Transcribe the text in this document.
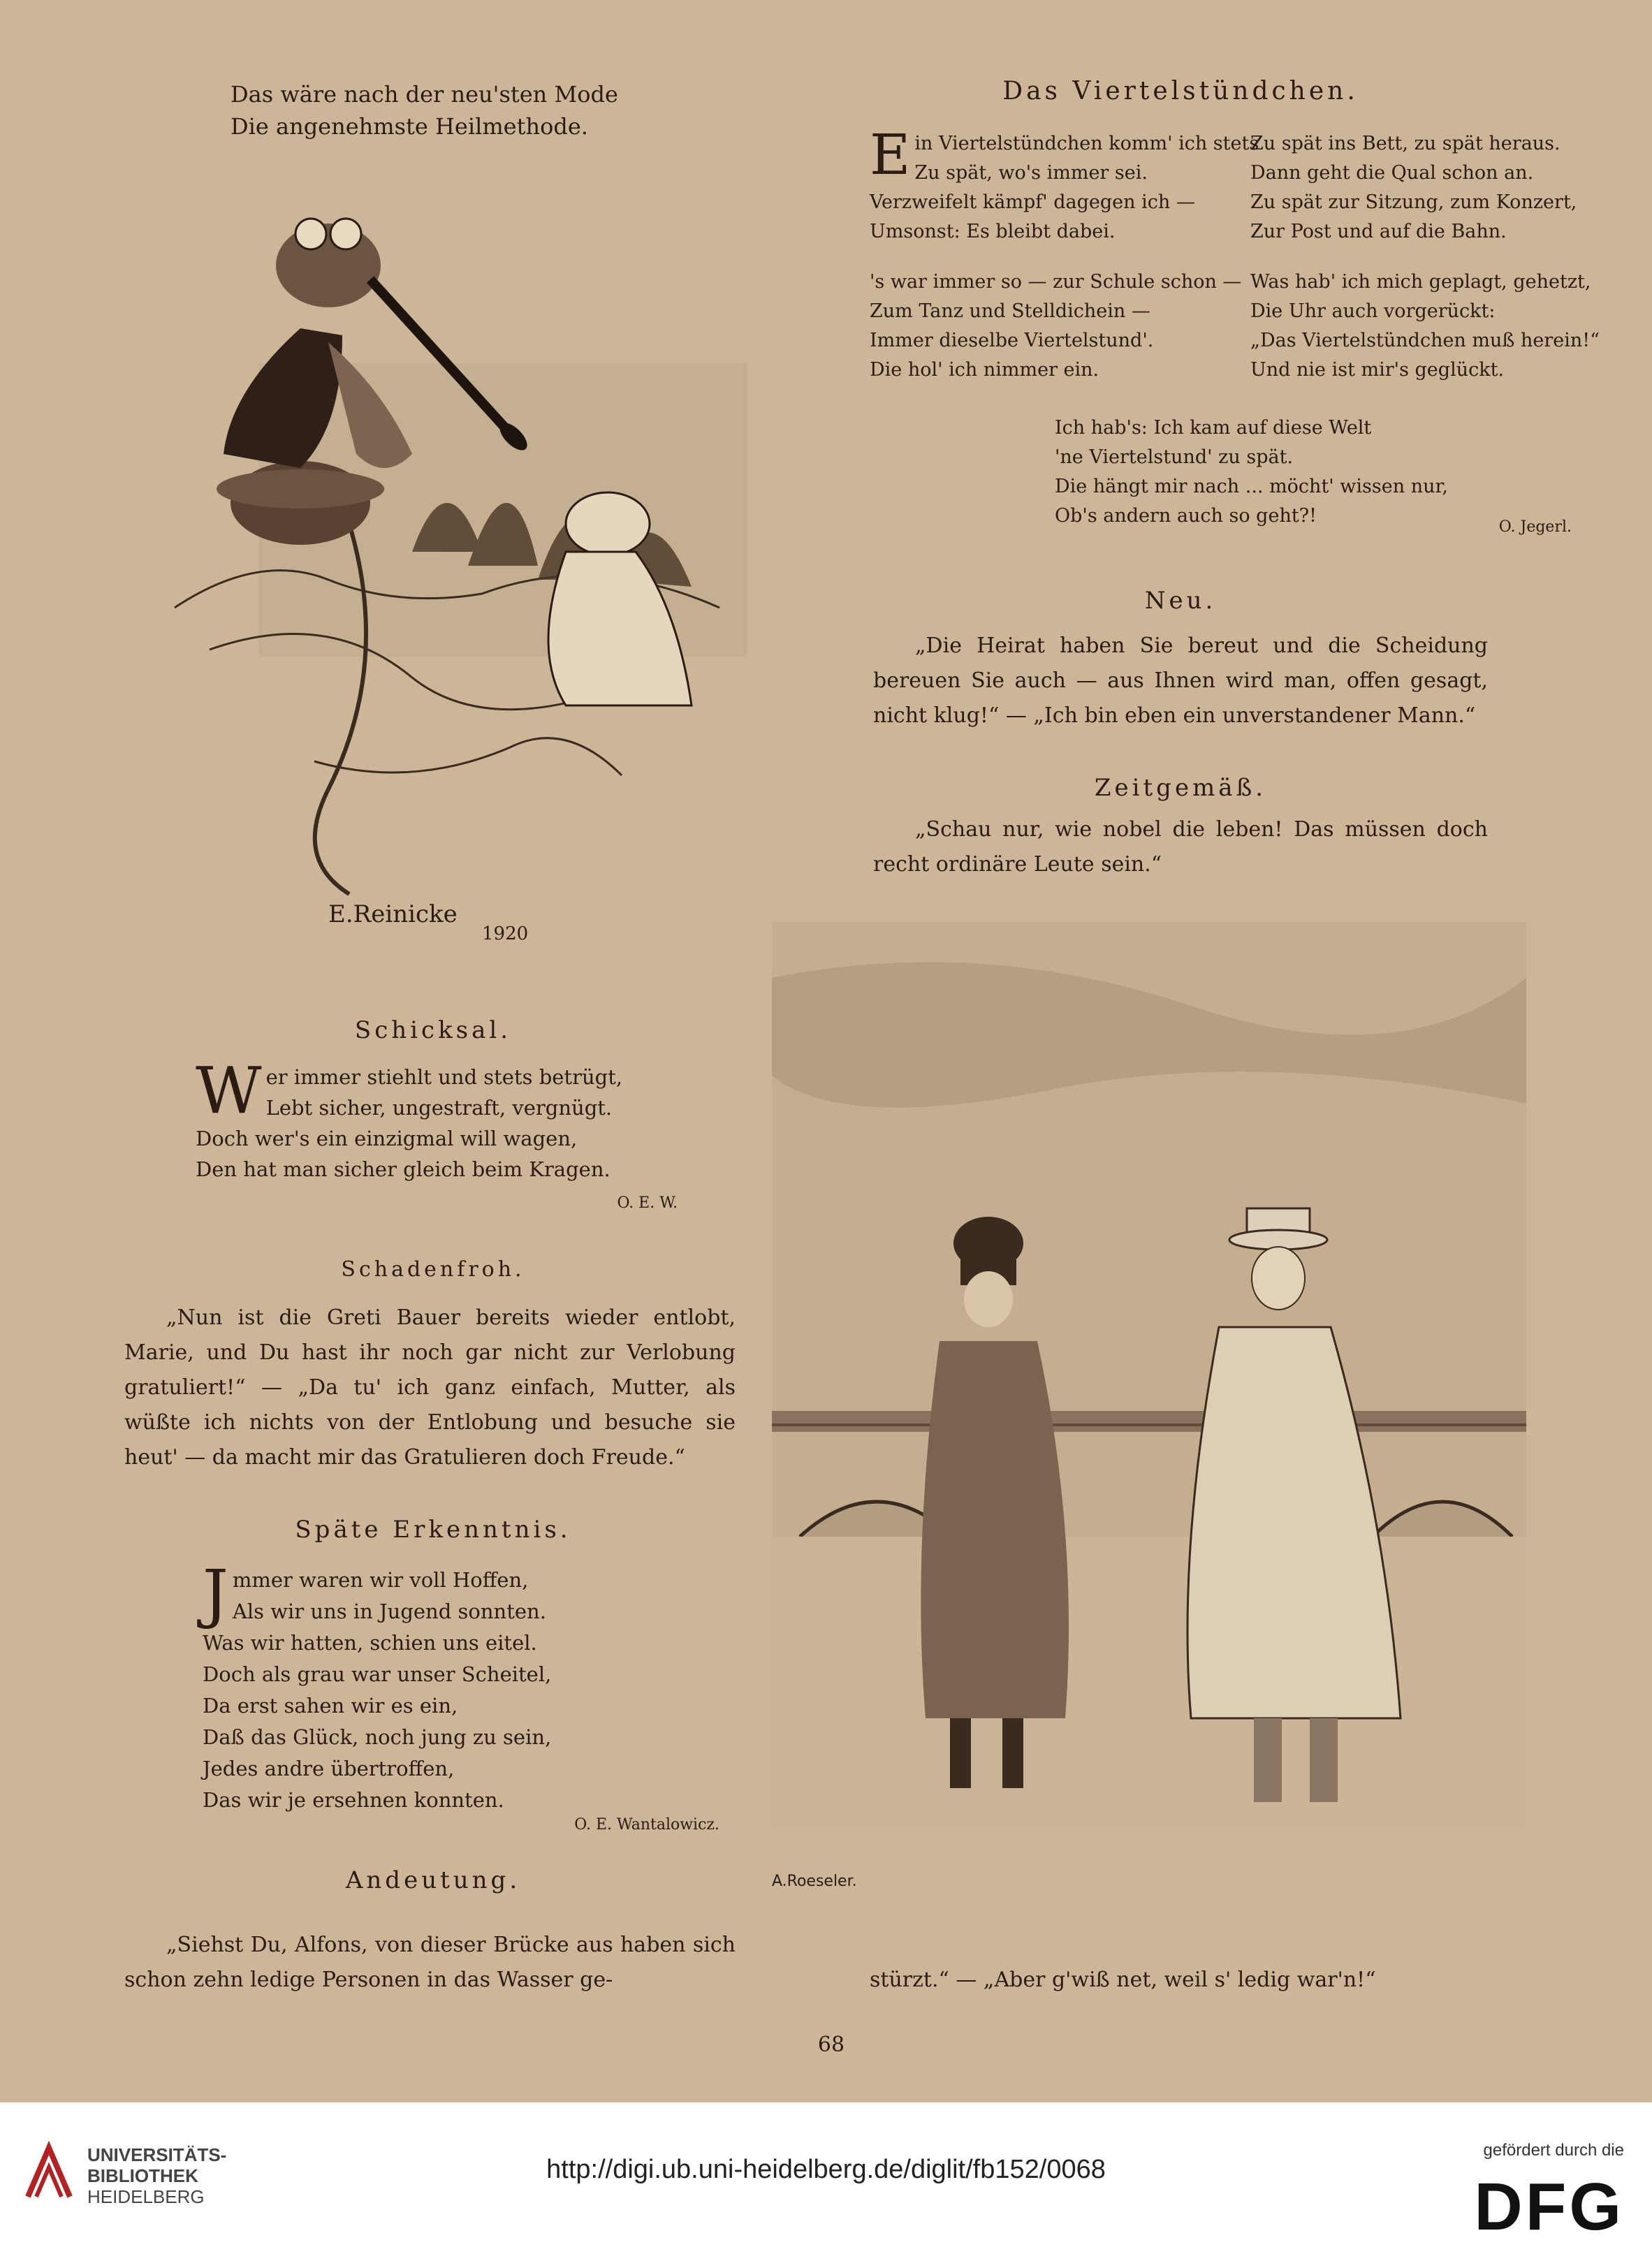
Das wäre nach der neu'sten Mode
Die angenehmste Heilmethode.
E.Reinicke
1920
Schicksal.
W er immer stiehlt und stets betrügt,
Lebt sicher, ungestraft, vergnügt.
Doch wer's ein einzigmal will wagen,
Den hat man sicher gleich beim Kragen.
O. E. W.
Schadenfroh.
„Nun ist die Greti Bauer bereits wieder entlobt, Marie, und Du hast ihr noch gar nicht zur Verlobung gratuliert!“ — „Da tu' ich ganz einfach, Mutter, als wüßte ich nichts von der Entlobung und besuche sie heut' — da macht mir das Gratulieren doch Freude.“
Späte Erkenntnis.
J mmer waren wir voll Hoffen,
Als wir uns in Jugend sonnten.
Was wir hatten, schien uns eitel.
Doch als grau war unser Scheitel,
Da erst sahen wir es ein,
Daß das Glück, noch jung zu sein,
Jedes andre übertroffen,
Das wir je ersehnen konnten.
O. E. Wantalowicz.
Andeutung.
„Siehst Du, Alfons, von dieser Brücke aus haben sich schon zehn ledige Personen in das Wasser ge-	stürzt.“ — „Aber g'wiß net, weil s' ledig war'n!“
Das Viertelstündchen.
E in Viertelstündchen komm' ich stets
Zu spät, wo's immer sei.
Verzweifelt kämpf' dagegen ich —
Umsonst: Es bleibt dabei.
's war immer so — zur Schule schon —
Zum Tanz und Stelldichein —
Immer dieselbe Viertelstund'.
Die hol' ich nimmer ein.
Zu spät ins Bett, zu spät heraus.
Dann geht die Qual schon an.
Zu spät zur Sitzung, zum Konzert,
Zur Post und auf die Bahn.
Was hab' ich mich geplagt, gehetzt,
Die Uhr auch vorgerückt:
„Das Viertelstündchen muß herein!“
Und nie ist mir's geglückt.
Ich hab's: Ich kam auf diese Welt
'ne Viertelstund' zu spät.
Die hängt mir nach ... möcht' wissen nur,
Ob's andern auch so geht?!
O. Jegerl.
Neu.
„Die Heirat haben Sie bereut und die Scheidung bereuen Sie auch — aus Ihnen wird man, offen gesagt, nicht klug!“ — „Ich bin eben ein unverstandener Mann.“
Zeitgemäß.
„Schau nur, wie nobel die leben! Das müssen doch recht ordinäre Leute sein.“
A.Roeseler.
68
UNIVERSITÄTS-
BIBLIOTHEK
HEIDELBERG
http://digi.ub.uni-heidelberg.de/diglit/fb152/0068
gefördert durch die
DFG
